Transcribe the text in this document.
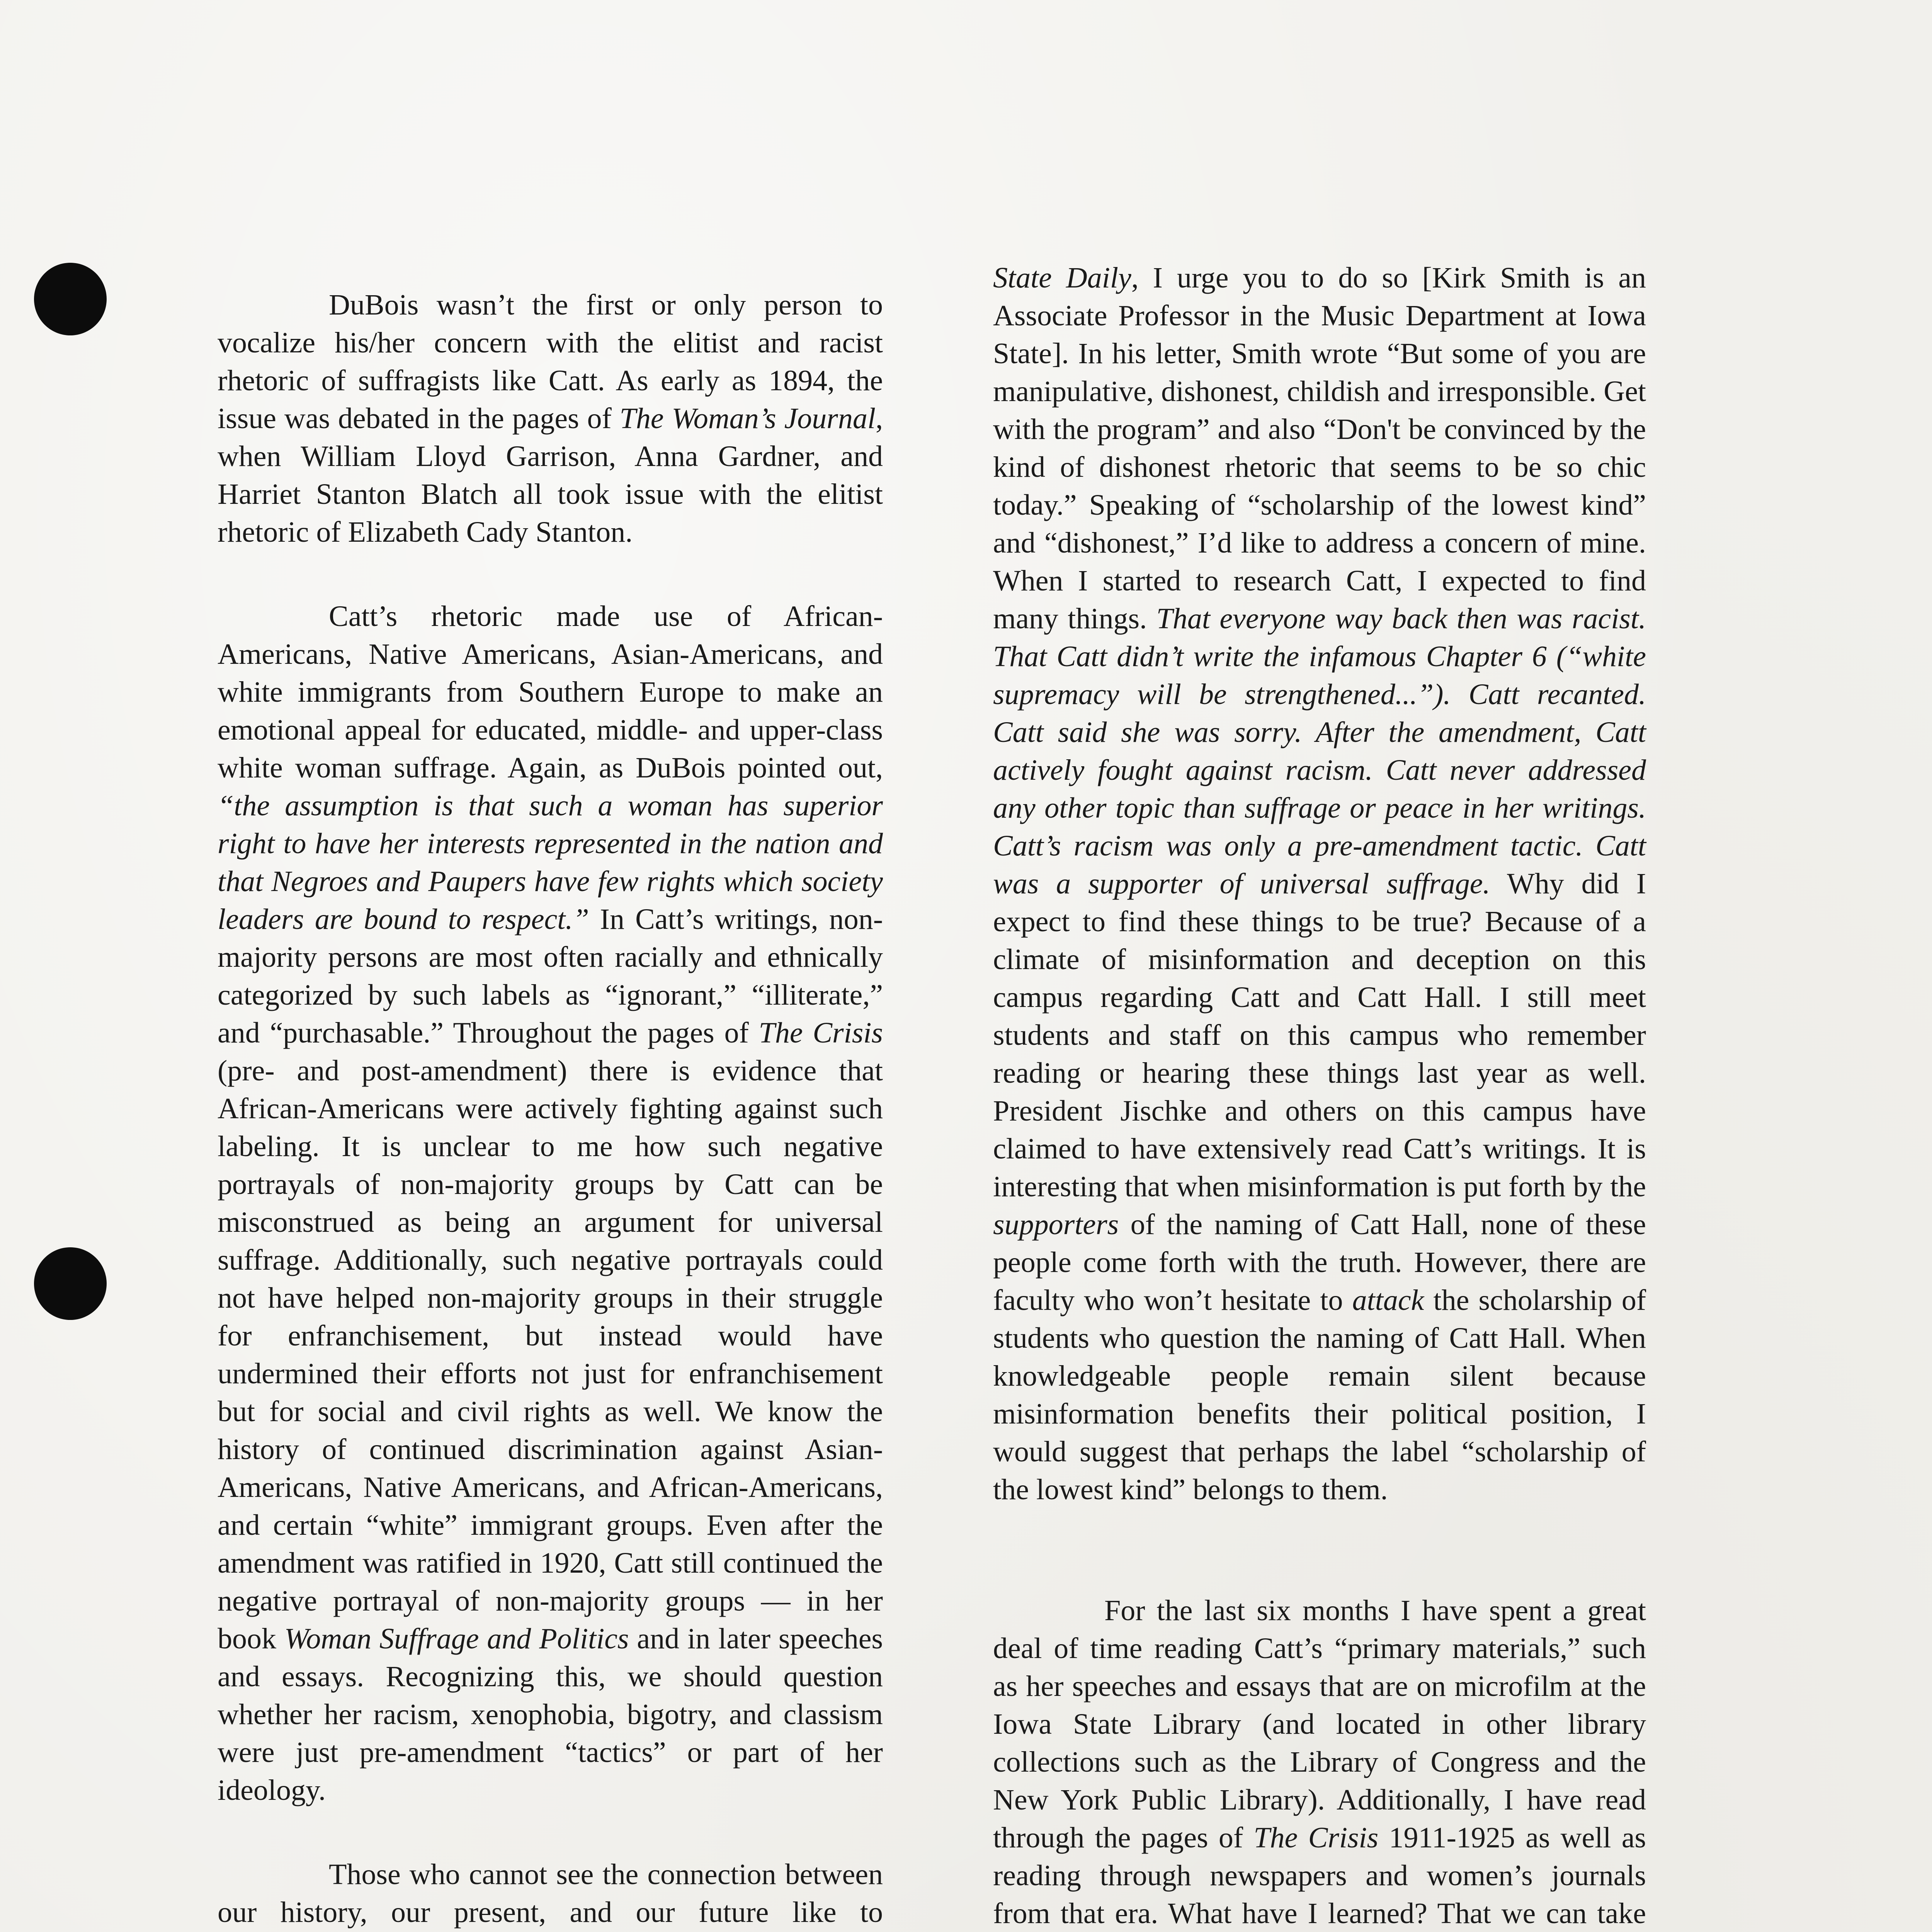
DuBois wasn’t the first or only person to vocalize his/her concern with the elitist and racist rhetoric of suffragists like Catt. As early as 1894, the issue was debated in the pages of The Woman’s Journal, when William Lloyd Garrison, Anna Gardner, and Harriet Stanton Blatch all took issue with the elitist rhetoric of Elizabeth Cady Stanton.

Catt’s rhetoric made use of African-Americans, Native Americans, Asian-Americans, and white immigrants from Southern Europe to make an emotional appeal for educated, middle- and upper-class white woman suffrage. Again, as DuBois pointed out, “the assumption is that such a woman has superior right to have her interests represented in the nation and that Negroes and Paupers have few rights which society leaders are bound to respect.” In Catt’s writings, non-majority persons are most often racially and ethnically categorized by such labels as “ignorant,” “illiterate,” and “purchasable.” Throughout the pages of The Crisis (pre- and post-amendment) there is evidence that African-Americans were actively fighting against such labeling. It is unclear to me how such negative portrayals of non-majority groups by Catt can be misconstrued as being an argument for universal suffrage. Additionally, such negative portrayals could not have helped non-majority groups in their struggle for enfranchisement, but instead would have undermined their efforts not just for enfranchisement but for social and civil rights as well. We know the history of continued discrimination against Asian-Americans, Native Americans, and African-Americans, and certain “white” immigrant groups. Even after the amendment was ratified in 1920, Catt still continued the negative portrayal of non-majority groups — in her book Woman Suffrage and Politics and in later speeches and essays. Recognizing this, we should question whether her racism, xenophobia, bigotry, and classism were just pre-amendment “tactics” or part of her ideology.

Those who cannot see the connection between our history, our present, and our future like to

State Daily, I urge you to do so [Kirk Smith is an Associate Professor in the Music Department at Iowa State]. In his letter, Smith wrote “But some of you are manipulative, dishonest, childish and irresponsible. Get with the program” and also “Don't be convinced by the kind of dishonest rhetoric that seems to be so chic today.” Speaking of “scholarship of the lowest kind” and “dishonest,” I’d like to address a concern of mine. When I started to research Catt, I expected to find many things. That everyone way back then was racist. That Catt didn’t write the infamous Chapter 6 (“white supremacy will be strengthened...”). Catt recanted. Catt said she was sorry. After the amendment, Catt actively fought against racism. Catt never addressed any other topic than suffrage or peace in her writings. Catt’s racism was only a pre-amendment tactic. Catt was a supporter of universal suffrage. Why did I expect to find these things to be true? Because of a climate of misinformation and deception on this campus regarding Catt and Catt Hall. I still meet students and staff on this campus who remember reading or hearing these things last year as well. President Jischke and others on this campus have claimed to have extensively read Catt’s writings. It is interesting that when misinformation is put forth by the supporters of the naming of Catt Hall, none of these people come forth with the truth. However, there are faculty who won’t hesitate to attack the scholarship of students who question the naming of Catt Hall. When knowledgeable people remain silent because misinformation benefits their political position, I would suggest that perhaps the label “scholarship of the lowest kind” belongs to them.

For the last six months I have spent a great deal of time reading Catt’s “primary materials,” such as her speeches and essays that are on microfilm at the Iowa State Library (and located in other library collections such as the Library of Congress and the New York Public Library). Additionally, I have read through the pages of The Crisis 1911-1925 as well as reading through newspapers and women’s journals from that era. What have I learned? That we can take
